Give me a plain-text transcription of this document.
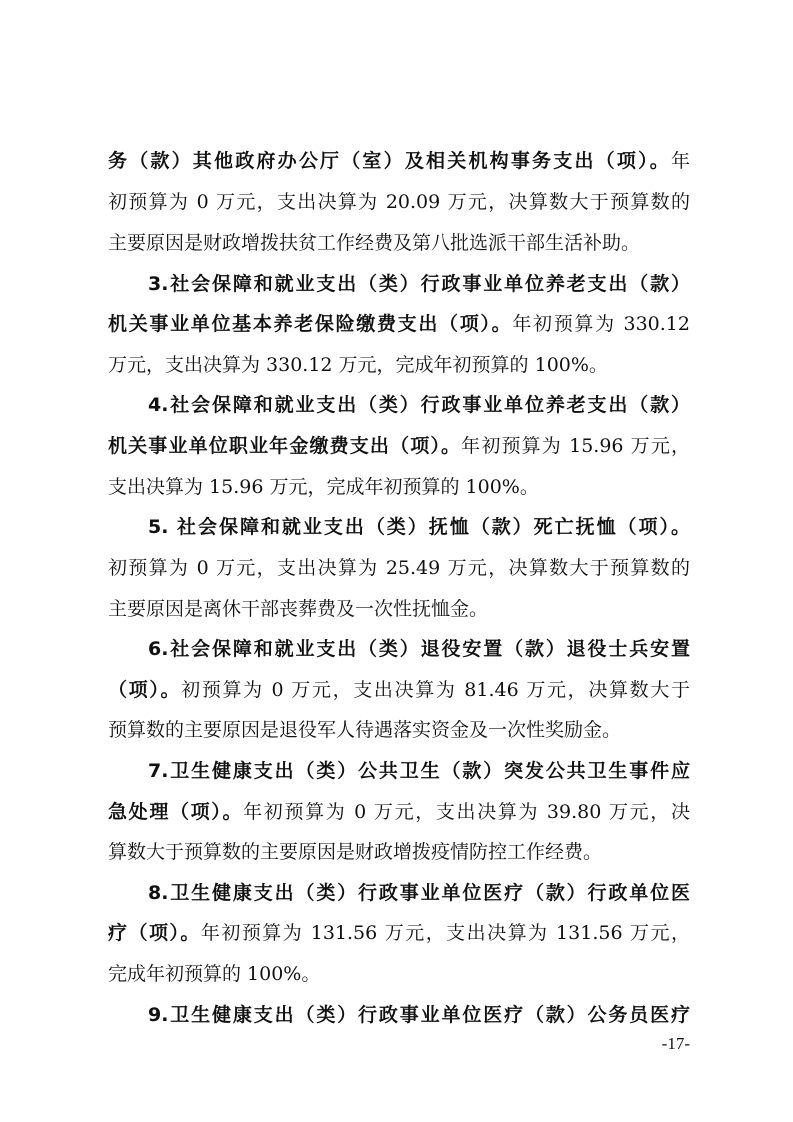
务（款）其他政府办公厅（室）及相关机构事务支出（项）。年
初预算为 0 万元，支出决算为 20.09 万元，决算数大于预算数的
主要原因是财政增拨扶贫工作经费及第八批选派干部生活补助。
3.社会保障和就业支出（类）行政事业单位养老支出（款）
机关事业单位基本养老保险缴费支出（项）。年初预算为 330.12
万元，支出决算为 330.12 万元，完成年初预算的 100%。
4.社会保障和就业支出（类）行政事业单位养老支出（款）
机关事业单位职业年金缴费支出（项）。年初预算为 15.96 万元，
支出决算为 15.96 万元，完成年初预算的 100%。
5. 社会保障和就业支出（类）抚恤（款）死亡抚恤（项）。
初预算为 0 万元，支出决算为 25.49 万元，决算数大于预算数的
主要原因是离休干部丧葬费及一次性抚恤金。
6.社会保障和就业支出（类）退役安置（款）退役士兵安置
（项）。初预算为 0 万元，支出决算为 81.46 万元，决算数大于
预算数的主要原因是退役军人待遇落实资金及一次性奖励金。
7.卫生健康支出（类）公共卫生（款）突发公共卫生事件应
急处理（项）。年初预算为 0 万元，支出决算为 39.80 万元，决
算数大于预算数的主要原因是财政增拨疫情防控工作经费。
8.卫生健康支出（类）行政事业单位医疗（款）行政单位医
疗（项）。年初预算为 131.56 万元，支出决算为 131.56 万元，
完成年初预算的 100%。
9.卫生健康支出（类）行政事业单位医疗（款）公务员医疗
-17-
